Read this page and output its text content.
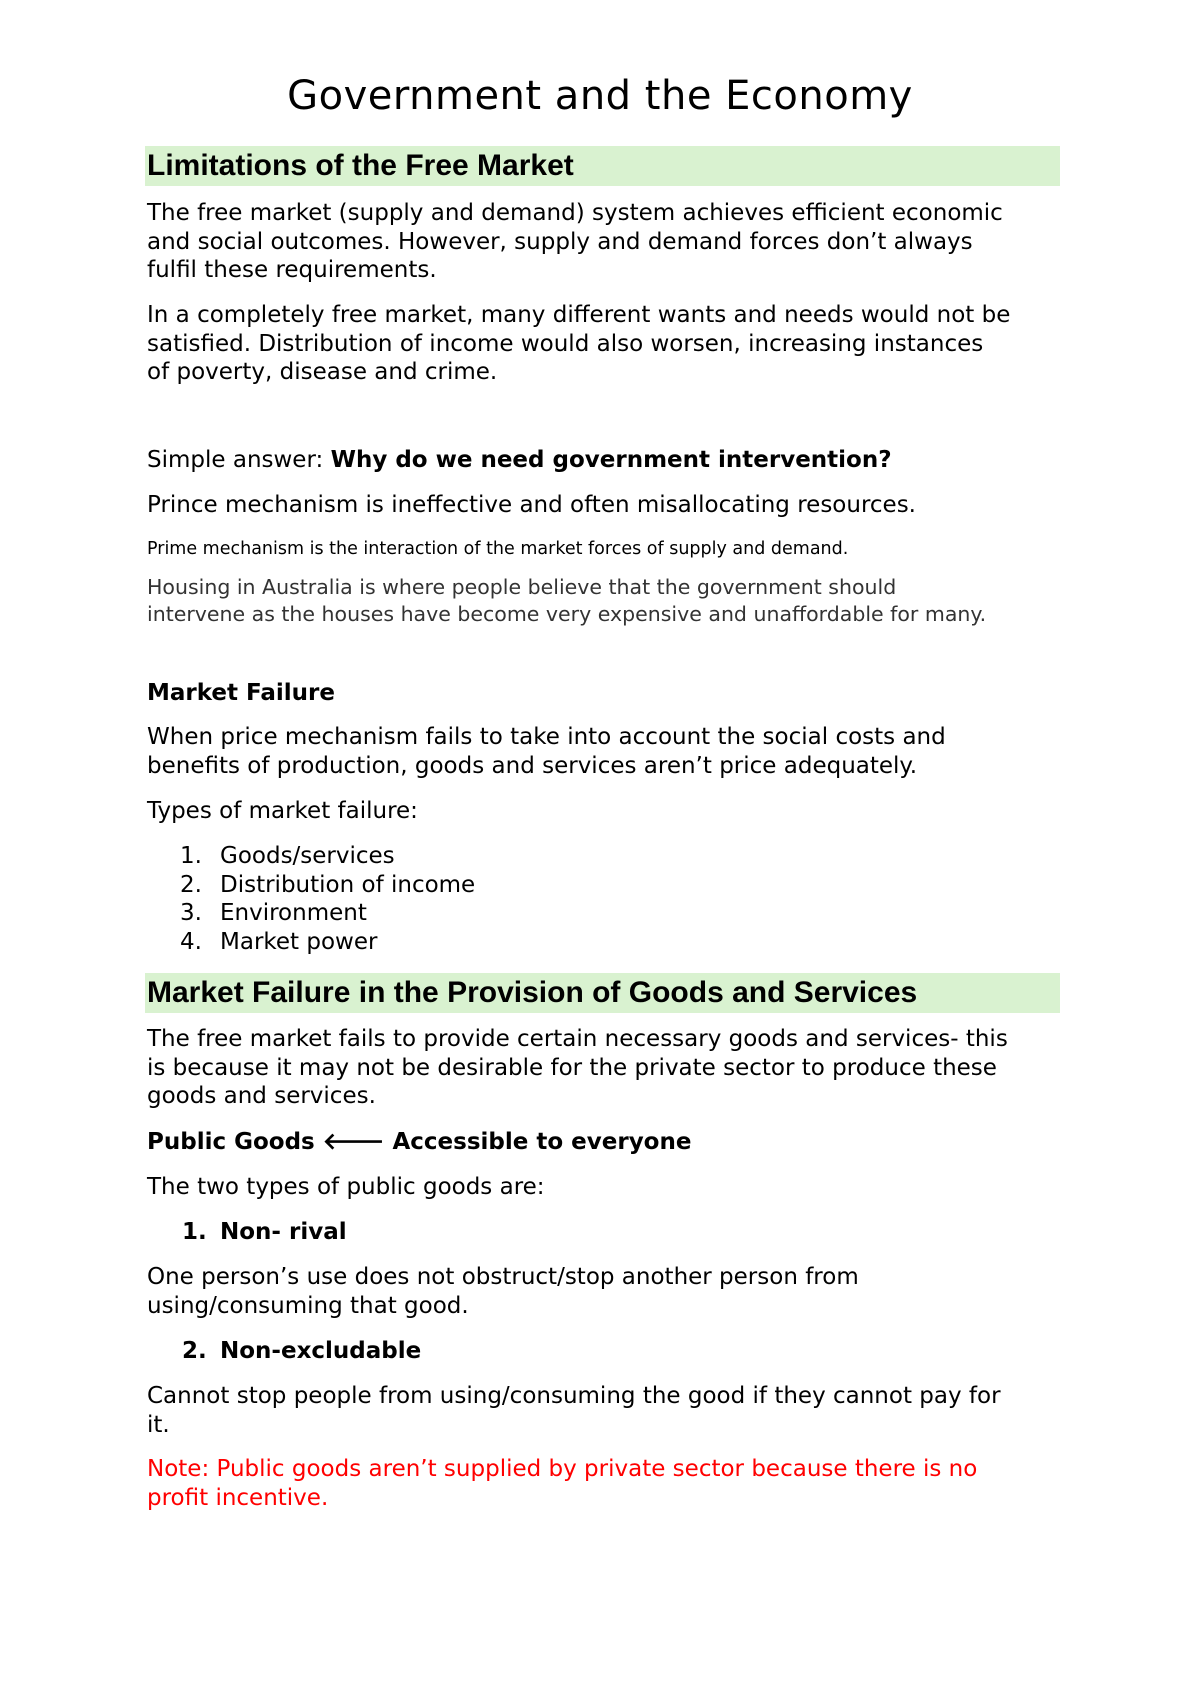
Government and the Economy
Limitations of the Free Market

The free market (supply and demand) system achieves efficient economic
and social outcomes. However, supply and demand forces don’t always
fulfil these requirements.

In a completely free market, many different wants and needs would not be
satisfied. Distribution of income would also worsen, increasing instances
of poverty, disease and crime.

Simple answer: Why do we need government intervention?

Prince mechanism is ineffective and often misallocating resources.

Prime mechanism is the interaction of the market forces of supply and demand.

Housing in Australia is where people believe that the government should
intervene as the houses have become very expensive and unaffordable for many.

Market Failure

When price mechanism fails to take into account the social costs and
benefits of production, goods and services aren’t price adequately.

Types of market failure:

1. Goods/services
2. Distribution of income
3. Environment
4. Market power
Market Failure in the Provision of Goods and Services

The free market fails to provide certain necessary goods and services- this
is because it may not be desirable for the private sector to produce these
goods and services.

Public Goods 🡐 Accessible to everyone

The two types of public goods are:

1. Non- rival

One person’s use does not obstruct/stop another person from
using/consuming that good.

2. Non-excludable

Cannot stop people from using/consuming the good if they cannot pay for
it.

Note: Public goods aren’t supplied by private sector because there is no
profit incentive.
